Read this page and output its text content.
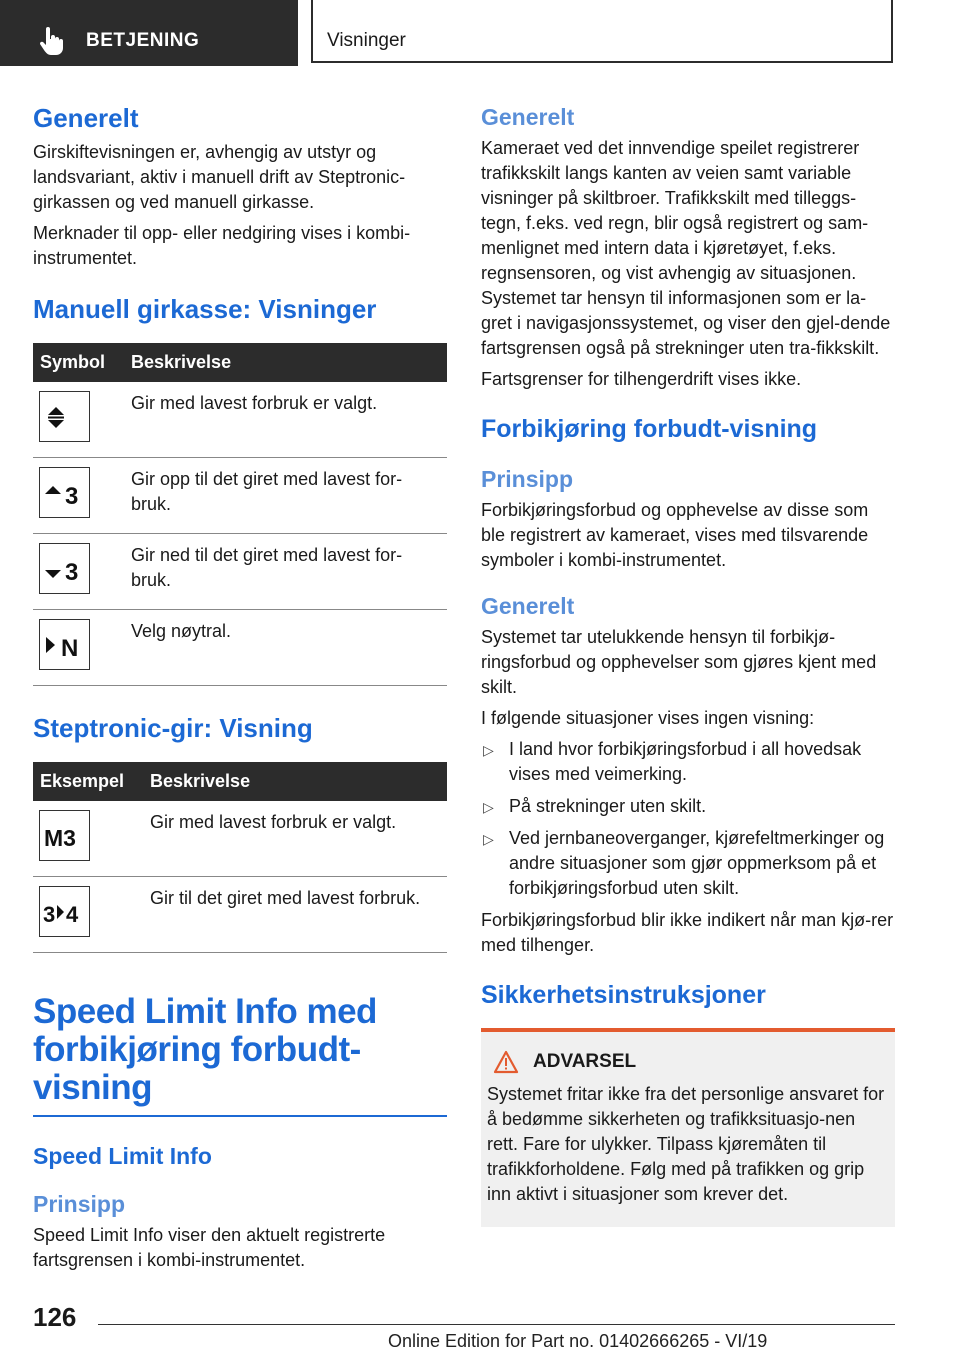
BETJENING	Visninger
Generelt

Girskiftevisningen er, avhengig av utstyr og landsvariant, aktiv i manuell drift av Steptronic-girkassen og ved manuell girkasse.

Merknader til opp- eller nedgiring vises i kombi-instrumentet.

Manuell girkasse: Visninger
Symbol	Beskrivelse

	Gir med lavest forbruk er valgt.

3	Gir opp til det giret med lavest for-bruk.

3	Gir ned til det giret med lavest for-bruk.

N	Velg nøytral.
Steptronic-gir: Visning
Eksempel	Beskrivelse

M3	Gir med lavest forbruk er valgt.

3 4	Gir til det giret med lavest forbruk.
Speed Limit Info med forbikjøring forbudt-visning
Speed Limit Info
Prinsipp

Speed Limit Info viser den aktuelt registrerte fartsgrensen i kombi-instrumentet.

Generelt

Kameraet ved det innvendige speilet registrerer trafikkskilt langs kanten av veien samt variable visninger på skiltbroer. Trafikkskilt med tilleggs-tegn, f.eks. ved regn, blir også registrert og sam-menlignet med intern data i kjøretøyet, f.eks. regnsensoren, og vist avhengig av situasjonen. Systemet tar hensyn til informasjonen som er la-gret i navigasjonssystemet, og viser den gjel-dende fartsgrensen også på strekninger uten tra-fikkskilt.

Fartsgrenser for tilhengerdrift vises ikke.

Forbikjøring forbudt-visning
Prinsipp

Forbikjøringsforbud og opphevelse av disse som ble registrert av kameraet, vises med tilsvarende symboler i kombi-instrumentet.

Generelt

Systemet tar utelukkende hensyn til forbikjø-ringsforbud og opphevelser som gjøres kjent med skilt.

I følgende situasjoner vises ingen visning:

▷ I land hvor forbikjøringsforbud i all hovedsak vises med veimerking.
▷ På strekninger uten skilt.
▷ Ved jernbaneoverganger, kjørefeltmerkinger og andre situasjoner som gjør oppmerksom på et forbikjøringsforbud uten skilt.

Forbikjøringsforbud blir ikke indikert når man kjø-rer med tilhenger.

Sikkerhetsinstruksjoner
ADVARSEL

Systemet fritar ikke fra det personlige ansvaret for å bedømme sikkerheten og trafikksituasjo-nen rett. Fare for ulykker. Tilpass kjøremåten til trafikkforholdene. Følg med på trafikken og grip inn aktivt i situasjoner som krever det.

126
Online Edition for Part no. 01402666265 - VI/19
